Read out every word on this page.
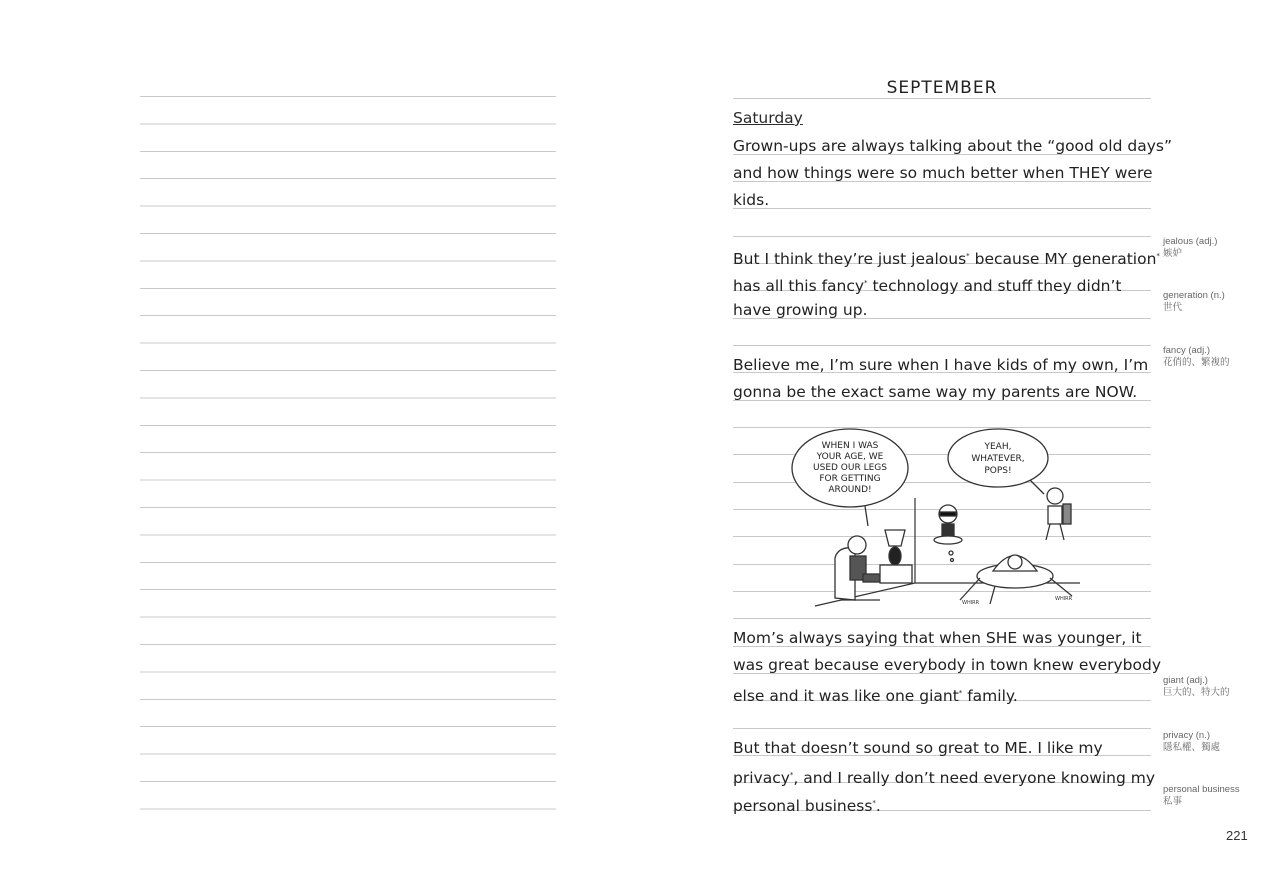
SEPTEMBER
Saturday
Grown-ups are always talking about the “good old days”
and how things were so much better when THEY were
kids.
But I think they’re just jealous* because MY generation*
has all this fancy* technology and stuff they didn’t
have growing up.
Believe me, I’m sure when I have kids of my own, I’m
gonna be the exact same way my parents are NOW.
Mom’s always saying that when SHE was younger, it
was great because everybody in town knew everybody
else and it was like one giant* family.
But that doesn’t sound so great to ME. I like my
privacy*, and I really don’t need everyone knowing my
personal business*.
WHEN I WAS
YOUR AGE, WE
USED OUR LEGS
FOR GETTING
AROUND!
YEAH,
WHATEVER,
POPS!
WHIRR
WHIRR
jealous (adj.)
嫉妒
generation (n.)
世代
fancy (adj.)
花俏的、繁複的
giant (adj.)
巨大的、特大的
privacy (n.)
隱私權、獨處
personal business
私事
221
